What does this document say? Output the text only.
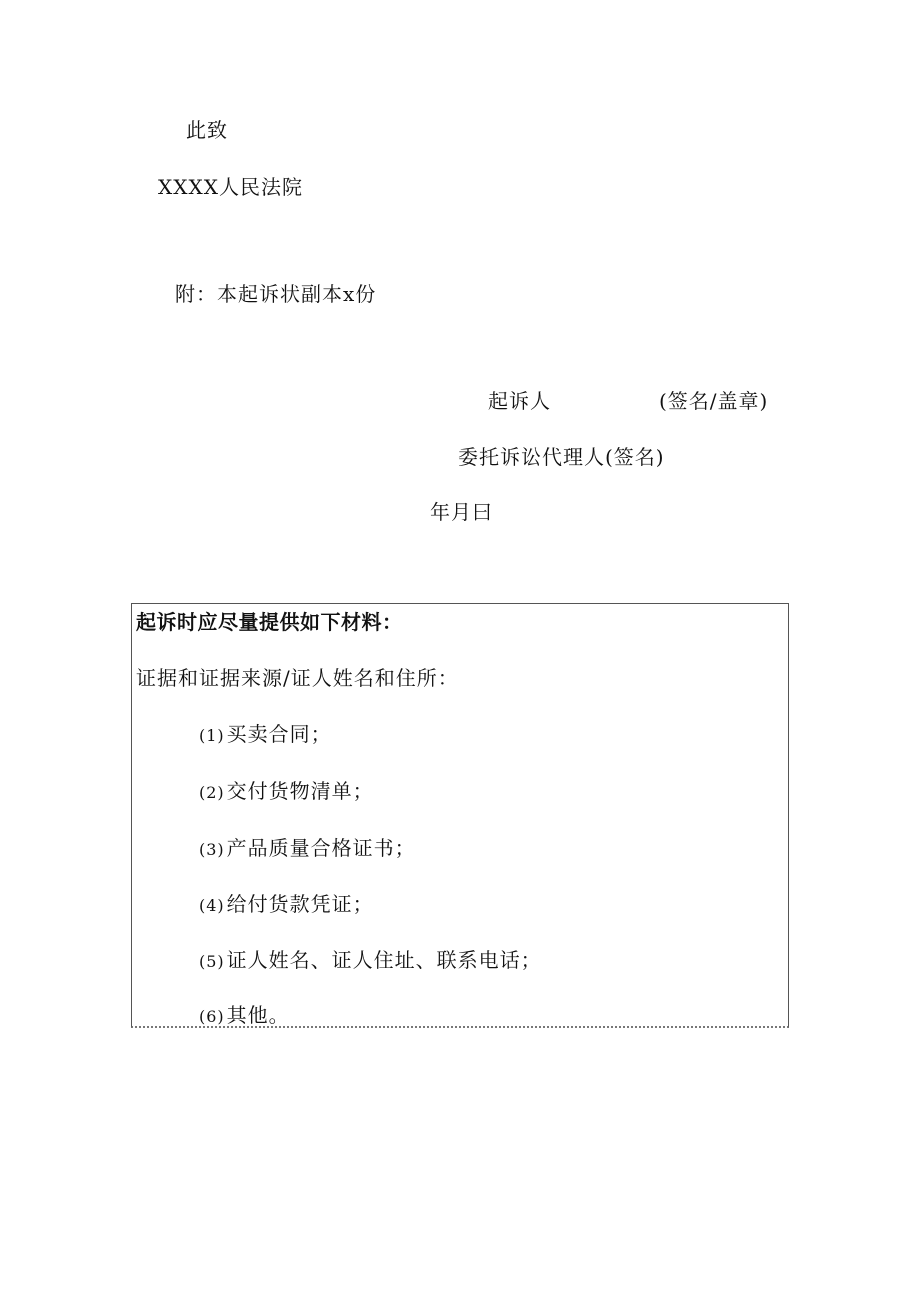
此致
XXXX人民法院
附：本起诉状副本x份
起诉人	(签名/盖章)
委托诉讼代理人(签名)
年月曰
起诉时应尽量提供如下材料：
证据和证据来源/证人姓名和住所：
(1) 买卖合同；
(2) 交付货物清单；
(3) 产品质量合格证书；
(4) 给付货款凭证；
(5) 证人姓名、证人住址、联系电话；
(6) 其他。
